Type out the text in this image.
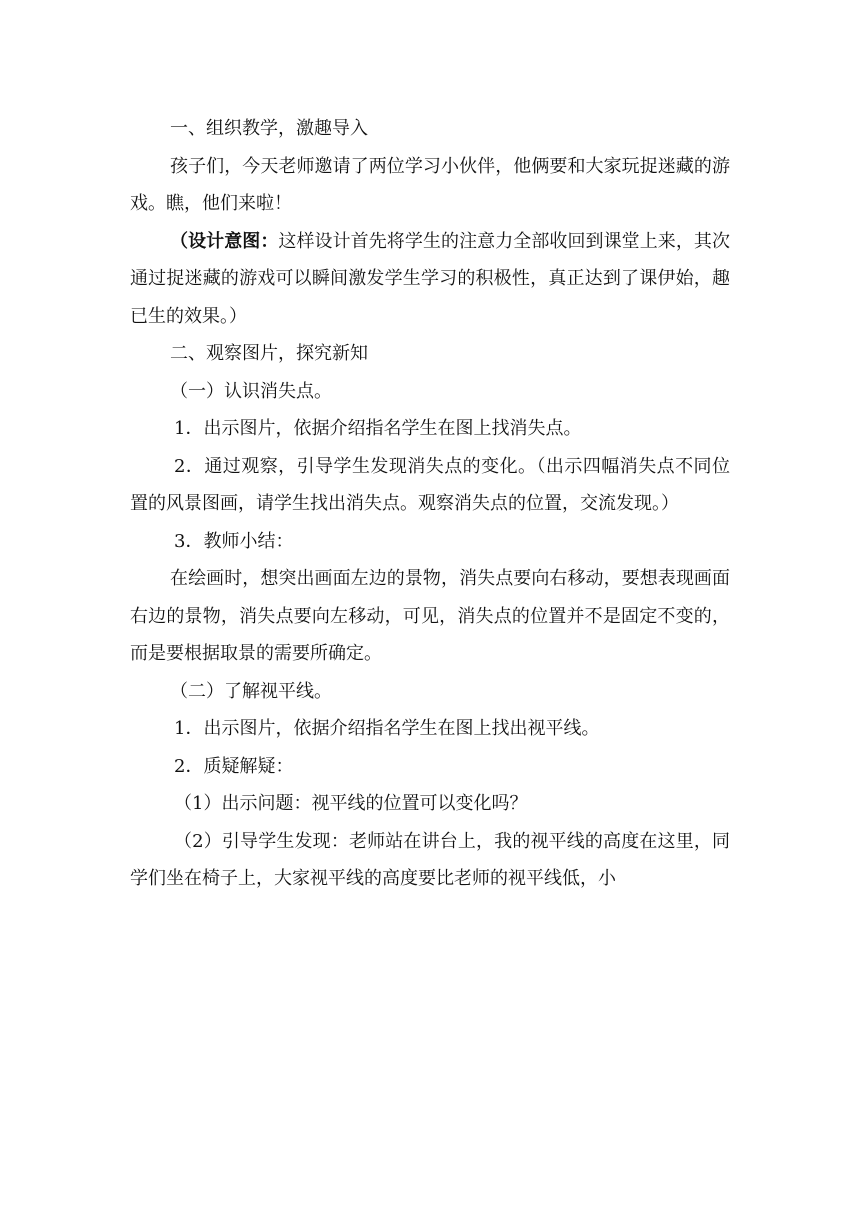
一、组织教学，激趣导入

孩子们，今天老师邀请了两位学习小伙伴，他俩要和大家玩捉迷藏的游戏。瞧，他们来啦！

（设计意图：这样设计首先将学生的注意力全部收回到课堂上来，其次通过捉迷藏的游戏可以瞬间激发学生学习的积极性，真正达到了课伊始，趣已生的效果。）

二、观察图片，探究新知

（一）认识消失点。

1．出示图片，依据介绍指名学生在图上找消失点。

2．通过观察，引导学生发现消失点的变化。（出示四幅消失点不同位置的风景图画，请学生找出消失点。观察消失点的位置，交流发现。）

3．教师小结：

在绘画时，想突出画面左边的景物，消失点要向右移动，要想表现画面右边的景物，消失点要向左移动，可见，消失点的位置并不是固定不变的，而是要根据取景的需要所确定。

（二）了解视平线。

1．出示图片，依据介绍指名学生在图上找出视平线。

2．质疑解疑：

（1）出示问题：视平线的位置可以变化吗？

（2）引导学生发现：老师站在讲台上，我的视平线的高度在这里，同学们坐在椅子上，大家视平线的高度要比老师的视平线低，小
